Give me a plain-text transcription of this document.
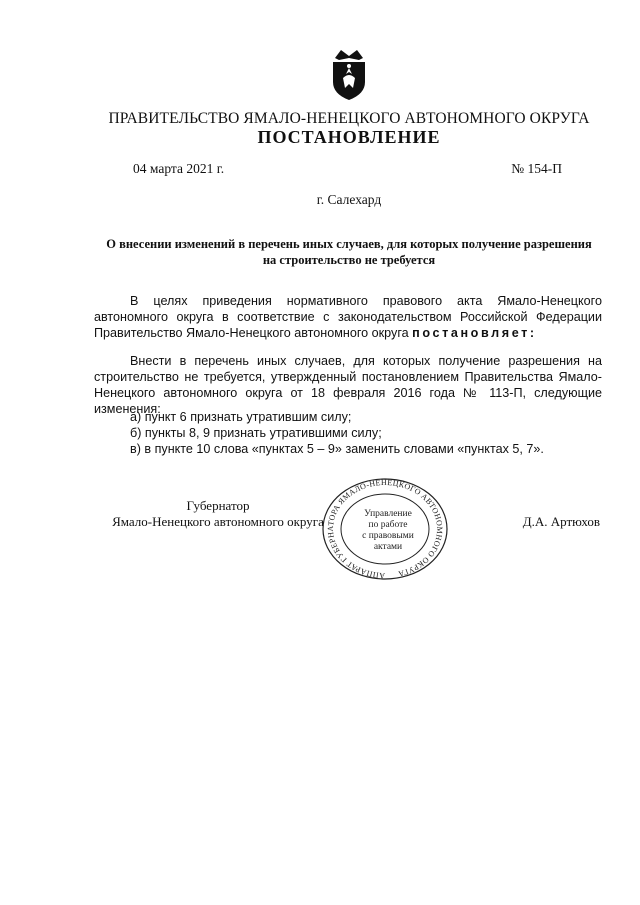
ПРАВИТЕЛЬСТВО ЯМАЛО-НЕНЕЦКОГО АВТОНОМНОГО ОКРУГА
ПОСТАНОВЛЕНИЕ
04 марта 2021 г.	№ 154-П
г. Салехард
О внесении изменений в перечень иных случаев, для которых получение разрешения на строительство не требуется
В целях приведения нормативного правового акта Ямало-Ненецкого автономного округа в соответствие с законодательством Российской Федерации Правительство Ямало-Ненецкого автономного округа постановляет:
Внести в перечень иных случаев, для которых получение разрешения на строительство не требуется, утвержденный постановлением Правительства Ямало-Ненецкого автономного округа от 18 февраля 2016 года № 113-П, следующие изменения:
а) пункт 6 признать утратившим силу;
б) пункты 8, 9 признать утратившими силу;
в) в пункте 10 слова «пунктах 5 – 9» заменить словами «пунктах 5, 7».
Губернатор
Ямало-Ненецкого автономного округа	Д.А. Артюхов
АППАРАТ ГУБЕРНАТОРА ЯМАЛО-НЕНЕЦКОГО АВТОНОМНОГО ОКРУГА
Управление
по работе
с правовыми
актами
